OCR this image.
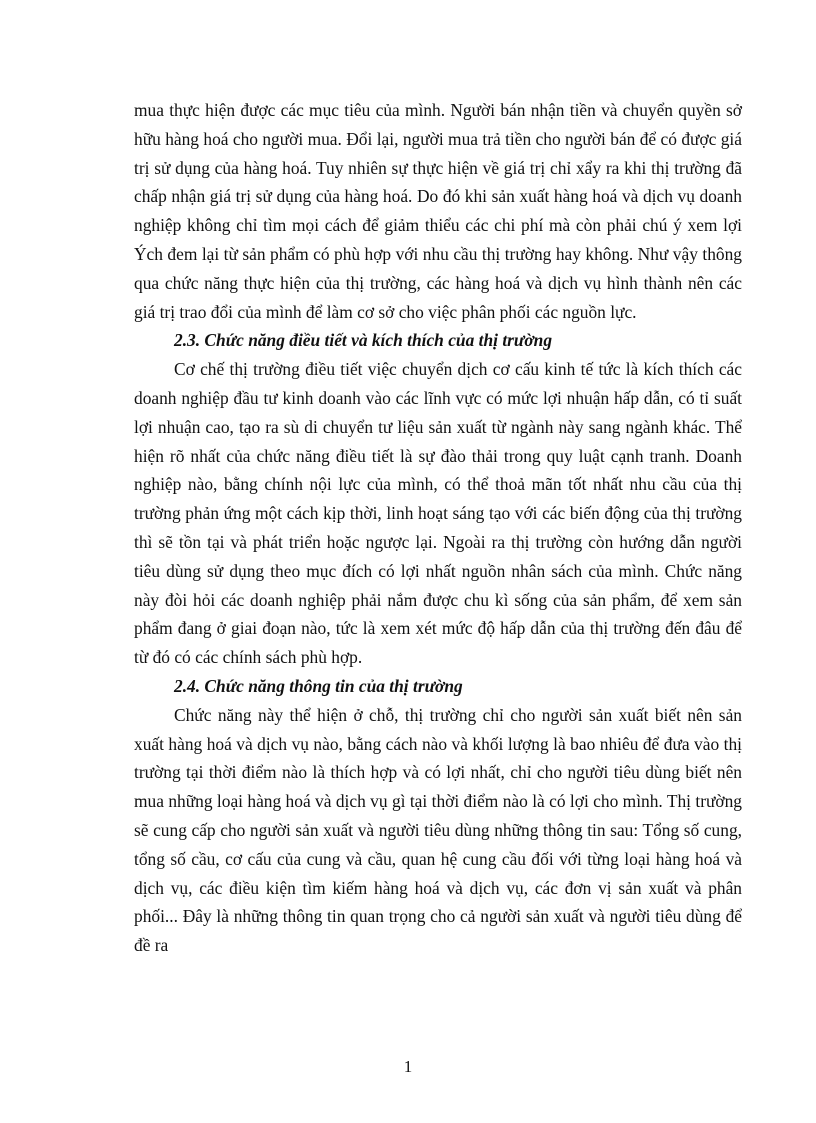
mua thực hiện được các mục tiêu của mình. Người bán nhận tiền và chuyển quyền sở hữu hàng hoá cho người mua. Đổi lại, người mua trả tiền cho người bán để có được giá trị sử dụng của hàng hoá. Tuy nhiên sự thực hiện về giá trị chỉ xẩy ra khi thị trường đã chấp nhận giá trị sử dụng của hàng hoá. Do đó khi sản xuất hàng hoá và dịch vụ doanh nghiệp không chỉ tìm mọi cách để giảm thiểu các chi phí mà còn phải chú ý xem lợi Ých đem lại từ sản phẩm có phù hợp với nhu cầu thị trường hay không. Như vậy thông qua chức năng thực hiện của thị trường, các hàng hoá và dịch vụ hình thành nên các giá trị trao đổi của mình để làm cơ sở cho việc phân phối các nguồn lực.

2.3. Chức năng điều tiết và kích thích của thị trường

Cơ chế thị trường điều tiết việc chuyển dịch cơ cấu kinh tế tức là kích thích các doanh nghiệp đầu tư kinh doanh vào các lĩnh vực có mức lợi nhuận hấp dẫn, có tỉ suất lợi nhuận cao, tạo ra sù di chuyển tư liệu sản xuất từ ngành này sang ngành khác. Thể hiện rõ nhất của chức năng điều tiết là sự đào thải trong quy luật cạnh tranh. Doanh nghiệp nào, bằng chính nội lực của mình, có thể thoả mãn tốt nhất nhu cầu của thị trường phản ứng một cách kịp thời, linh hoạt sáng tạo với các biến động của thị trường thì sẽ tồn tại và phát triển hoặc ngược lại. Ngoài ra thị trường còn hướng dẫn người tiêu dùng sử dụng theo mục đích có lợi nhất nguồn nhân sách của mình. Chức năng này đòi hỏi các doanh nghiệp phải nắm được chu kì sống của sản phẩm, để xem sản phẩm đang ở giai đoạn nào, tức là xem xét mức độ hấp dẫn của thị trường đến đâu để từ đó có các chính sách phù hợp.

2.4. Chức năng thông tin của thị trường

Chức năng này thể hiện ở chỗ, thị trường chỉ cho người sản xuất biết nên sản xuất hàng hoá và dịch vụ nào, bằng cách nào và khối lượng là bao nhiêu để đưa vào thị trường tại thời điểm nào là thích hợp và có lợi nhất, chỉ cho người tiêu dùng biết nên mua những loại hàng hoá và dịch vụ gì tại thời điểm nào là có lợi cho mình. Thị trường sẽ cung cấp cho người sản xuất và người tiêu dùng những thông tin sau: Tổng số cung, tổng số cầu, cơ cấu của cung và cầu, quan hệ cung cầu đối với từng loại hàng hoá và dịch vụ, các điều kiện tìm kiếm hàng hoá và dịch vụ, các đơn vị sản xuất và phân phối... Đây là những thông tin quan trọng cho cả người sản xuất và người tiêu dùng để đề ra

1
